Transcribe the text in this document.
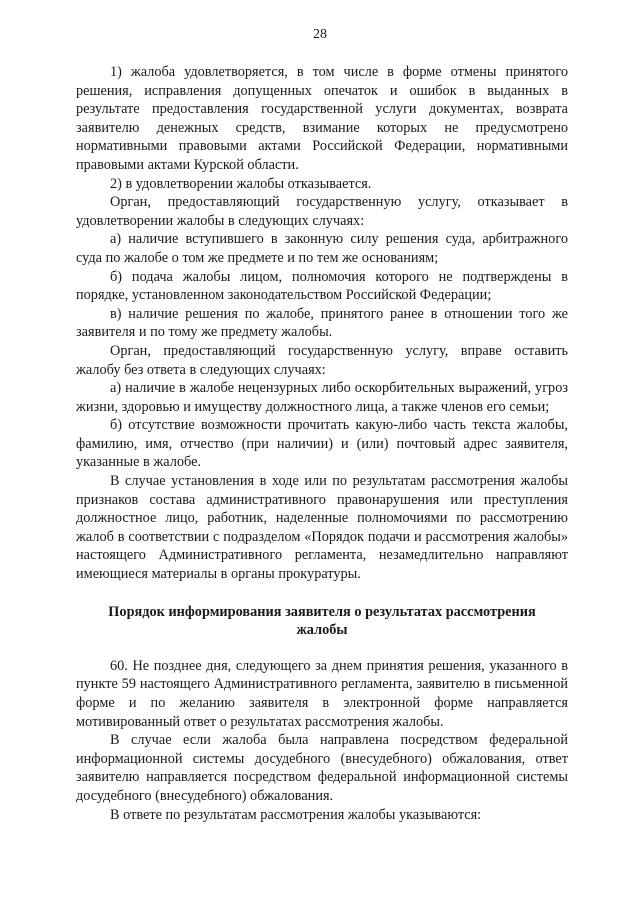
28

1) жалоба удовлетворяется, в том числе в форме отмены принятого решения, исправления допущенных опечаток и ошибок в выданных в результате предоставления государственной услуги документах, возврата заявителю денежных средств, взимание которых не предусмотрено нормативными правовыми актами Российской Федерации, нормативными правовыми актами Курской области.

2) в удовлетворении жалобы отказывается.

Орган, предоставляющий государственную услугу, отказывает в удовлетворении жалобы в следующих случаях:

а) наличие вступившего в законную силу решения суда, арбитражного суда по жалобе о том же предмете и по тем же основаниям;

б) подача жалобы лицом, полномочия которого не подтверждены в порядке, установленном законодательством Российской Федерации;

в) наличие решения по жалобе, принятого ранее в отношении того же заявителя и по тому же предмету жалобы.

Орган, предоставляющий государственную услугу, вправе оставить жалобу без ответа в следующих случаях:

а) наличие в жалобе нецензурных либо оскорбительных выражений, угроз жизни, здоровью и имуществу должностного лица, а также членов его семьи;

б) отсутствие возможности прочитать какую-либо часть текста жалобы, фамилию, имя, отчество (при наличии) и (или) почтовый адрес заявителя, указанные в жалобе.

В случае установления в ходе или по результатам рассмотрения жалобы признаков состава административного правонарушения или преступления должностное лицо, работник, наделенные полномочиями по рассмотрению жалоб в соответствии с подразделом «Порядок подачи и рассмотрения жалобы» настоящего Административного регламента, незамедлительно направляют имеющиеся материалы в органы прокуратуры.

Порядок информирования заявителя о результатах рассмотрения жалобы

60. Не позднее дня, следующего за днем принятия решения, указанного в пункте 59 настоящего Административного регламента, заявителю в письменной форме и по желанию заявителя в электронной форме направляется мотивированный ответ о результатах рассмотрения жалобы.

В случае если жалоба была направлена посредством федеральной информационной системы досудебного (внесудебного) обжалования, ответ заявителю направляется посредством федеральной информационной системы досудебного (внесудебного) обжалования.

В ответе по результатам рассмотрения жалобы указываются:
